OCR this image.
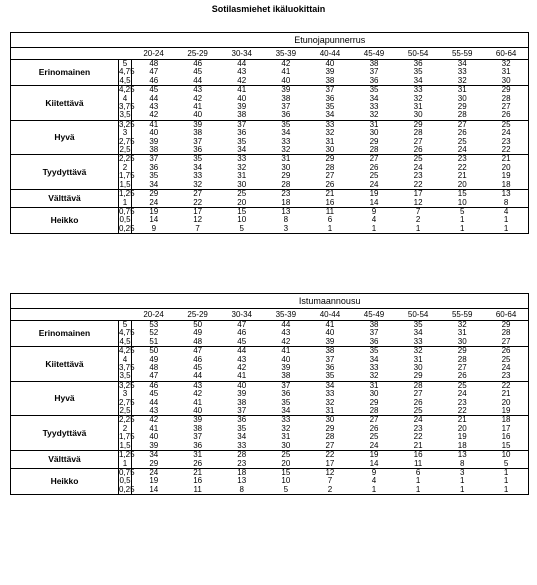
Sotilasmiehet ikäluokittain
		Etunojapunnerrus								
		20-24	25-29	30-34	35-39	40-44	45-49	50-54	55-59	60-64
Erinomainen	5	48	46	44	42	40	38	36	34	32
	4,75	47	45	43	41	39	37	35	33	31
	4,5	46	44	42	40	38	36	34	32	30
Kiitettävä	4,25	45	43	41	39	37	35	33	31	29
	4	44	42	40	38	36	34	32	30	28
	3,75	43	41	39	37	35	33	31	29	27
	3,5	42	40	38	36	34	32	30	28	26
Hyvä	3,25	41	39	37	35	33	31	29	27	25
	3	40	38	36	34	32	30	28	26	24
	2,75	39	37	35	33	31	29	27	25	23
	2,5	38	36	34	32	30	28	26	24	22
Tyydyttävä	2,25	37	35	33	31	29	27	25	23	21
	2	36	34	32	30	28	26	24	22	20
	1,75	35	33	31	29	27	25	23	21	19
	1,5	34	32	30	28	26	24	22	20	18
Välttävä	1,25	29	27	25	23	21	19	17	15	13
	1	24	22	20	18	16	14	12	10	8
Heikko	0,75	19	17	15	13	11	9	7	5	4
	0,5	14	12	10	8	6	4	2	1	1
	0,25	9	7	5	3	1	1	1	1	1
		Istumaannousu								
		20-24	25-29	30-34	35-39	40-44	45-49	50-54	55-59	60-64
Erinomainen	5	53	50	47	44	41	38	35	32	29
	4,75	52	49	46	43	40	37	34	31	28
	4,5	51	48	45	42	39	36	33	30	27
Kiitettävä	4,25	50	47	44	41	38	35	32	29	26
	4	49	46	43	40	37	34	31	28	25
	3,75	48	45	42	39	36	33	30	27	24
	3,5	47	44	41	38	35	32	29	26	23
Hyvä	3,25	46	43	40	37	34	31	28	25	22
	3	45	42	39	36	33	30	27	24	21
	2,75	44	41	38	35	32	29	26	23	20
	2,5	43	40	37	34	31	28	25	22	19
Tyydyttävä	2,25	42	39	36	33	30	27	24	21	18
	2	41	38	35	32	29	26	23	20	17
	1,75	40	37	34	31	28	25	22	19	16
	1,5	39	36	33	30	27	24	21	18	15
Välttävä	1,25	34	31	28	25	22	19	16	13	10
	1	29	26	23	20	17	14	11	8	5
Heikko	0,75	24	21	18	15	12	9	6	3	1
	0,5	19	16	13	10	7	4	1	1	1
	0,25	14	11	8	5	2	1	1	1	1
